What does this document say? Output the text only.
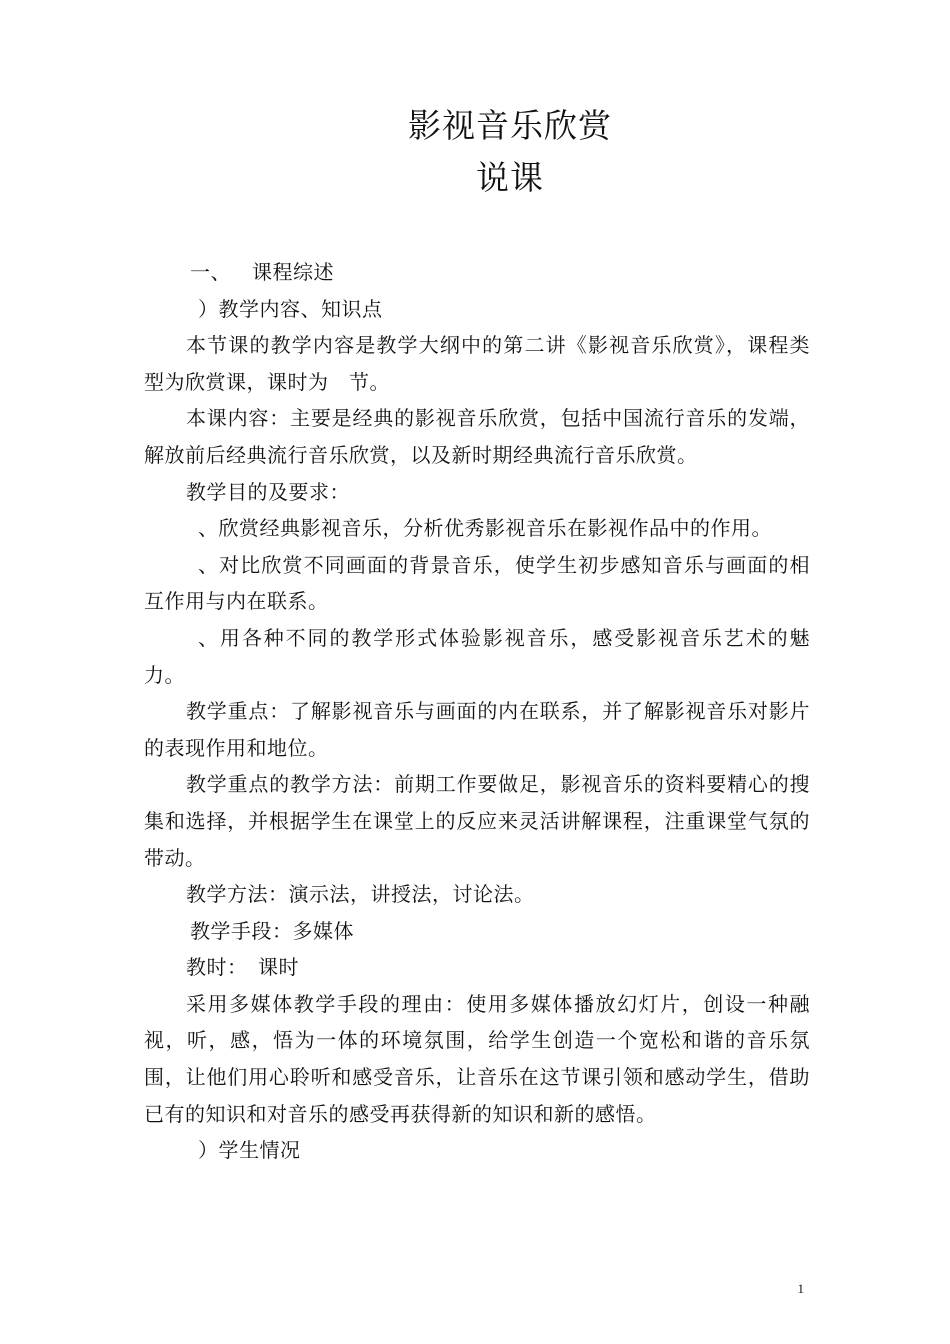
影视音乐欣赏
说课

一、 课程综述

）教学内容、知识点

本节课的教学内容是教学大纲中的第二讲《影视音乐欣赏》，课程类型为欣赏课，课时为　节。

本课内容：主要是经典的影视音乐欣赏，包括中国流行音乐的发端，解放前后经典流行音乐欣赏，以及新时期经典流行音乐欣赏。

教学目的及要求：

、欣赏经典影视音乐，分析优秀影视音乐在影视作品中的作用。

、对比欣赏不同画面的背景音乐，使学生初步感知音乐与画面的相互作用与内在联系。

、用各种不同的教学形式体验影视音乐，感受影视音乐艺术的魅力。

教学重点：了解影视音乐与画面的内在联系，并了解影视音乐对影片的表现作用和地位。

教学重点的教学方法：前期工作要做足，影视音乐的资料要精心的搜集和选择，并根据学生在课堂上的反应来灵活讲解课程，注重课堂气氛的带动。

教学方法：演示法，讲授法，讨论法。

教学手段：多媒体

教时：　课时

采用多媒体教学手段的理由：使用多媒体播放幻灯片，创设一种融视，听，感，悟为一体的环境氛围，给学生创造一个宽松和谐的音乐氛围，让他们用心聆听和感受音乐，让音乐在这节课引领和感动学生，借助已有的知识和对音乐的感受再获得新的知识和新的感悟。

）学生情况

1
